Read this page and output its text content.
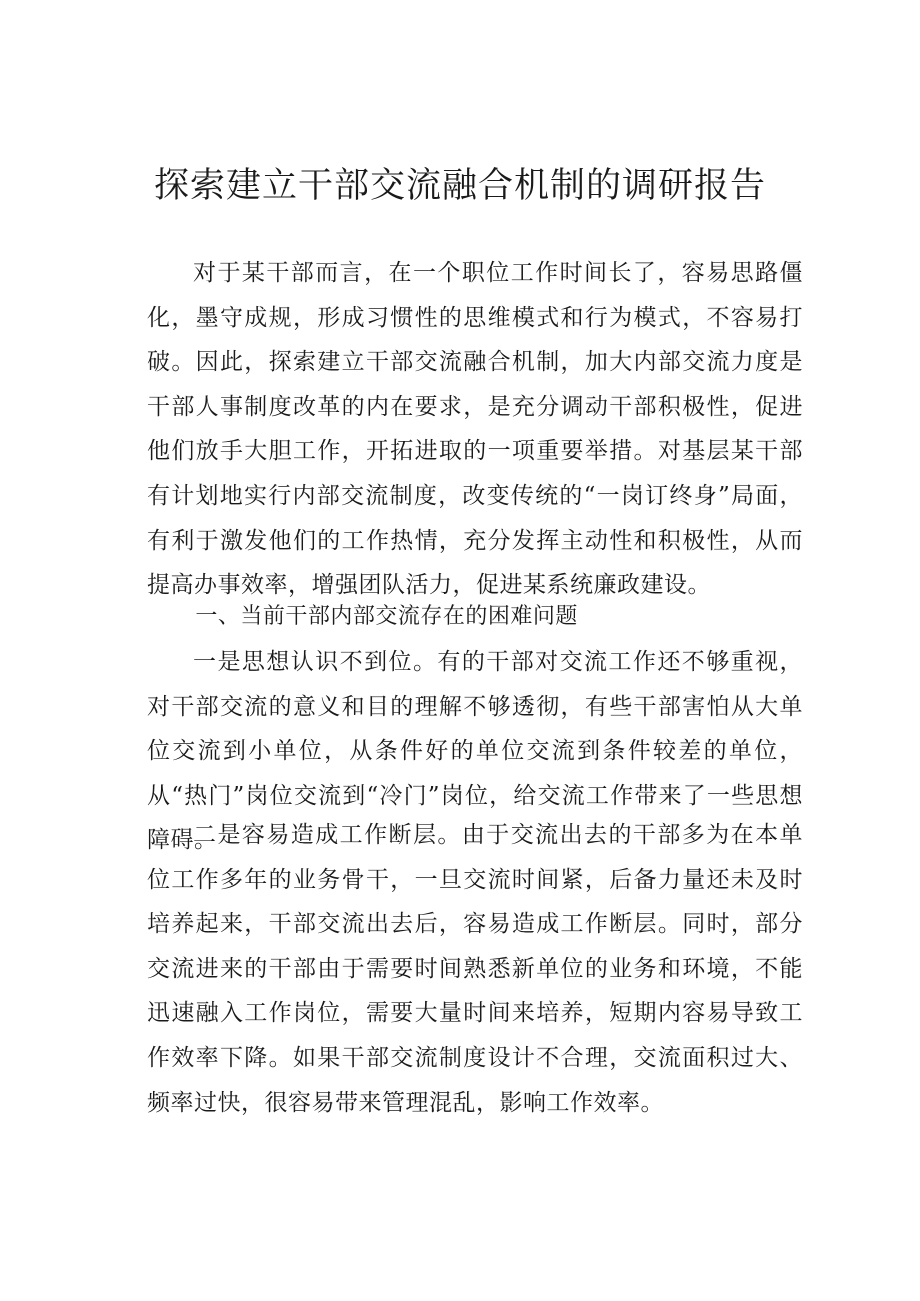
探索建立干部交流融合机制的调研报告

对于某干部而言，在一个职位工作时间长了，容易思路僵化，墨守成规，形成习惯性的思维模式和行为模式，不容易打破。因此，探索建立干部交流融合机制，加大内部交流力度是干部人事制度改革的内在要求，是充分调动干部积极性，促进他们放手大胆工作，开拓进取的一项重要举措。对基层某干部有计划地实行内部交流制度，改变传统的“一岗订终身”局面，有利于激发他们的工作热情，充分发挥主动性和积极性，从而提高办事效率，增强团队活力，促进某系统廉政建设。

一、当前干部内部交流存在的困难问题

一是思想认识不到位。有的干部对交流工作还不够重视，对干部交流的意义和目的理解不够透彻，有些干部害怕从大单位交流到小单位，从条件好的单位交流到条件较差的单位，从“热门”岗位交流到“冷门”岗位，给交流工作带来了一些思想障碍。

二是容易造成工作断层。由于交流出去的干部多为在本单位工作多年的业务骨干，一旦交流时间紧，后备力量还未及时培养起来，干部交流出去后，容易造成工作断层。同时，部分交流进来的干部由于需要时间熟悉新单位的业务和环境，不能迅速融入工作岗位，需要大量时间来培养，短期内容易导致工作效率下降。如果干部交流制度设计不合理，交流面积过大、频率过快，很容易带来管理混乱，影响工作效率。
